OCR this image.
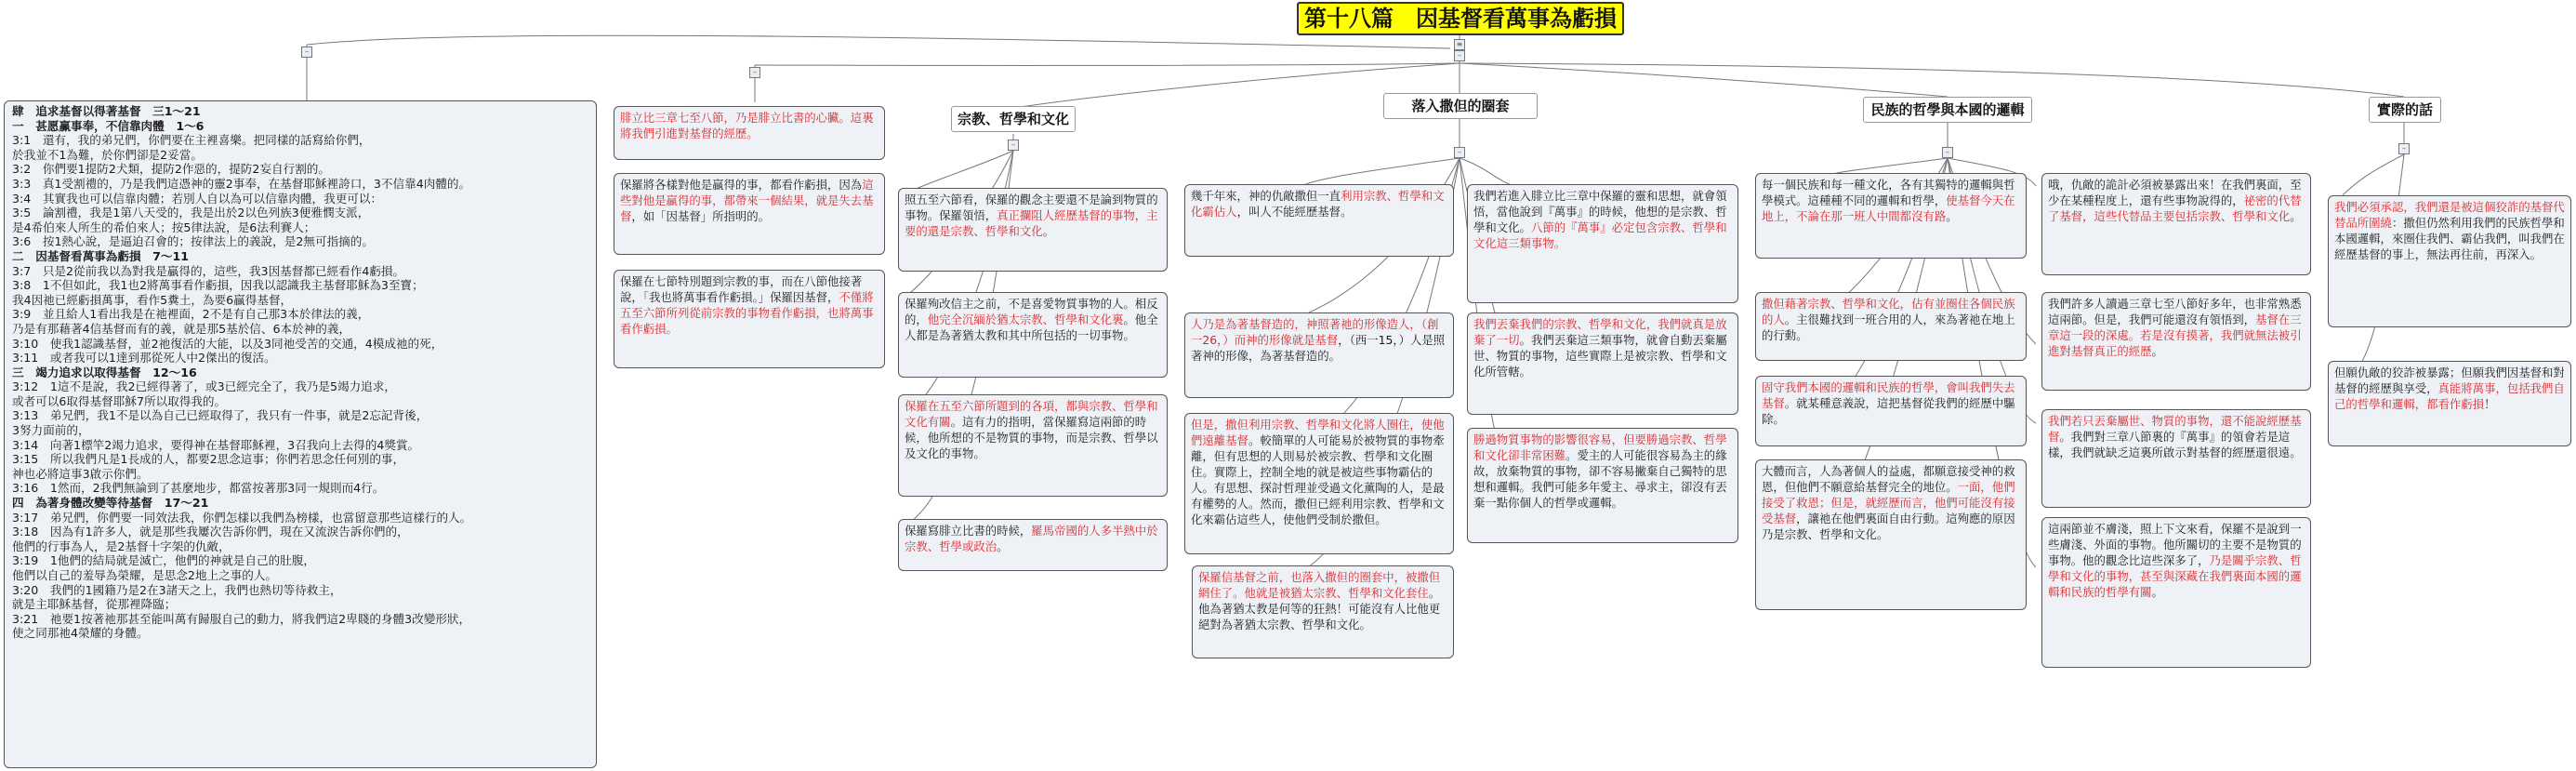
第十八篇　因基督看萬事為虧損
≡
–
–
–
–
–	–	–
宗教、哲學和文化
落入撒但的圈套	民族的哲學與本國的邏輯	實際的話
肆　追求基督以得著基督　三1～21
一　甚愿赢事奉，不信靠肉體　1～6
3:1　還有，我的弟兄們，你們要在主裡喜樂。把同樣的話寫給你們，
於我並不1為難，於你們卻是2妥當。
3:2　你們要1提防2犬類，提防2作惡的，提防2妄自行割的。
3:3　真1受割禮的，乃是我們這憑神的靈2事奉，在基督耶穌裡誇口，3不信靠4肉體的。
3:4　其實我也可以信靠肉體；若別人自以為可以信靠肉體，我更可以：
3:5　論割禮，我是1第八天受的，我是出於2以色列族3便雅憫支派，
是4希伯來人所生的希伯來人；按5律法說，是6法利賽人；
3:6　按1熱心說，是逼迫召會的；按律法上的義說，是2無可指摘的。
二　因基督看萬事為虧損　7～11
3:7　只是2從前我以為對我是贏得的，這些，我3因基督都已經看作4虧損。
3:8　1不但如此，我1也2將萬事看作虧損，因我以認識我主基督耶穌為3至寶；
我4因祂已經虧損萬事，看作5糞土，為要6贏得基督，
3:9　並且給人1看出我是在祂裡面，2不是有自己那3本於律法的義，
乃是有那藉著4信基督而有的義，就是那5基於信、6本於神的義，
3:10　使我1認識基督，並2祂復活的大能，以及3同祂受苦的交通，4模成祂的死，
3:11　或者我可以1達到那從死人中2傑出的復活。
三　竭力追求以取得基督　12～16
3:12　1這不是說，我2已經得著了，或3已經完全了，我乃是5竭力追求，
或者可以6取得基督耶穌7所以取得我的。
3:13　弟兄們，我1不是以為自己已經取得了，我只有一件事，就是2忘記背後，
3努力面前的，
3:14　向著1標竿2竭力追求，要得神在基督耶穌裡，3召我向上去得的4獎賞。
3:15　所以我們凡是1長成的人，都要2思念這事；你們若思念任何別的事，
神也必將這事3啟示你們。
3:16　1然而，2我們無論到了甚麼地步，都當按著那3同一規則而4行。
四　為著身體改變等待基督　17～21
3:17　弟兄們，你們要一同效法我，你們怎樣以我們為榜樣，也當留意那些這樣行的人。
3:18　因為有1許多人，就是那些我屢次告訴你們，現在又流淚告訴你們的，
他們的行事為人，是2基督十字架的仇敵，
3:19　1他們的結局就是滅亡，他們的神就是自己的肚腹，
他們以自己的羞辱為榮耀，是思念2地上之事的人。
3:20　我們的1國籍乃是2在3諸天之上，我們也熱切等待救主，
就是主耶穌基督，從那裡降臨；
3:21　祂要1按著祂那甚至能叫萬有歸服自己的動力，將我們這2卑賤的身體3改變形狀，
使之同那祂4榮耀的身體。
腓立比三章七至八節，乃是腓立比書的心臟。這裏將我們引進對基督的經歷。
保羅將各樣對他是贏得的事，都看作虧損，因為這些對他是贏得的事，都帶來一個結果，就是失去基督，如「因基督」所指明的。
保羅在七節特別題到宗教的事，而在八節他接著說，「我也將萬事看作虧損。」保羅因基督，不僅將五至六節所列從前宗教的事物看作虧損，也將萬事看作虧損。
照五至六節看，保羅的觀念主要還不是論到物質的事物。保羅領悟，真正攔阻人經歷基督的事物，主要的還是宗教、哲學和文化。
保羅殉改信主之前，不是喜愛物質事物的人。相反的，他完全沉緬於猶太宗教、哲學和文化裏。他全人都是為著猶太教和其中所包括的一切事物。
保羅在五至六節所題到的各項，都與宗教、哲學和文化有關。這有力的指明，當保羅寫這兩節的時候，他所想的不是物質的事物，而是宗教、哲學以及文化的事物。
保羅寫腓立比書的時候，羅馬帝國的人多半熱中於宗教、哲學或政治。
幾千年來，神的仇敵撒但一直利用宗教、哲學和文化霸佔人，叫人不能經歷基督。
人乃是為著基督造的，神照著祂的形像造人，（創一26，）而神的形像就是基督，（西一15，）人是照著神的形像，為著基督造的。
但是，撒但利用宗教、哲學和文化將人圈住，使他們遠離基督。較簡單的人可能易於被物質的事物牽離，但有思想的人則易於被宗教、哲學和文化圈住。實際上，控制全地的就是被這些事物霸佔的人。有思想、探討哲理並受過文化薰陶的人，是最有權勢的人。然而，撒但已經利用宗教、哲學和文化來霸佔這些人，使他們受制於撒但。
保羅信基督之前，也落入撒但的圈套中，被撒但網住了。他就是被猶太宗教、哲學和文化套住。他為著猶太教是何等的狂熱！可能沒有人比他更絕對為著猶太宗教、哲學和文化。
我們若進入腓立比三章中保羅的靈和思想，就會領悟，當他說到『萬事』的時候，他想的是宗教、哲學和文化。八節的『萬事』必定包含宗教、哲學和文化這三類事物。
我們丟棄我們的宗教、哲學和文化，我們就真是放棄了一切。我們丟棄這三類事物，就會自動丟棄屬世、物質的事物，這些實際上是被宗教、哲學和文化所管轄。
勝過物質事物的影響很容易，但要勝過宗教、哲學和文化卻非常困難。愛主的人可能很容易為主的緣故，放棄物質的事物，卻不容易撇棄自己獨特的思想和邏輯。我們可能多年愛主、尋求主，卻沒有丟棄一點你個人的哲學或邏輯。
每一個民族和每一種文化，各有其獨特的邏輯與哲學模式。這種種不同的邏輯和哲學，使基督今天在地上，不論在那一班人中間都沒有路。
撒但藉著宗教、哲學和文化，佔有並圈住各個民族的人。主很難找到一班合用的人，來為著祂在地上的行動。
固守我們本國的邏輯和民族的哲學，會叫我們失去基督。就某種意義說，這把基督從我們的經歷中驅除。
大體而言，人為著個人的益處，都願意接受神的救恩，但他們不願意給基督完全的地位。一面，他們接受了救恩；但是，就經歷而言，他們可能沒有接受基督，讓祂在他們裏面自由行動。這殉應的原因乃是宗教、哲學和文化。
哦，仇敵的詭計必須被暴露出來！在我們裏面，至少在某種程度上，還有些事物說得的，祕密的代替了基督，這些代替品主要包括宗教、哲學和文化。
我們許多人讀過三章七至八節好多年，也非常熟悉這兩節。但是，我們可能還沒有領悟到，基督在三章這一段的深處。若是沒有摸著，我們就無法被引進對基督真正的經歷。
我們若只丟棄屬世、物質的事物，還不能說經歷基督。我們對三章八節裏的『萬事』的領會若是這樣，我們就缺乏這裏所啟示對基督的經歷還很遠。
這兩節並不膚淺，照上下文來看，保羅不是說到一些膚淺、外面的事物。他所關切的主要不是物質的事物。他的觀念比這些深多了，乃是關乎宗教、哲學和文化的事物，甚至與深藏在我們裏面本國的邏輯和民族的哲學有關。
我們必須承認，我們還是被這個狡詐的基督代替品所圍繞：撒但仍然利用我們的民族哲學和本國邏輯，來圈住我們、霸佔我們，叫我們在經歷基督的事上，無法再往前，再深入。
但願仇敵的狡詐被暴露；但願我們因基督和對基督的經歷與享受，真能將萬事，包括我們自己的哲學和邏輯，都看作虧損！
